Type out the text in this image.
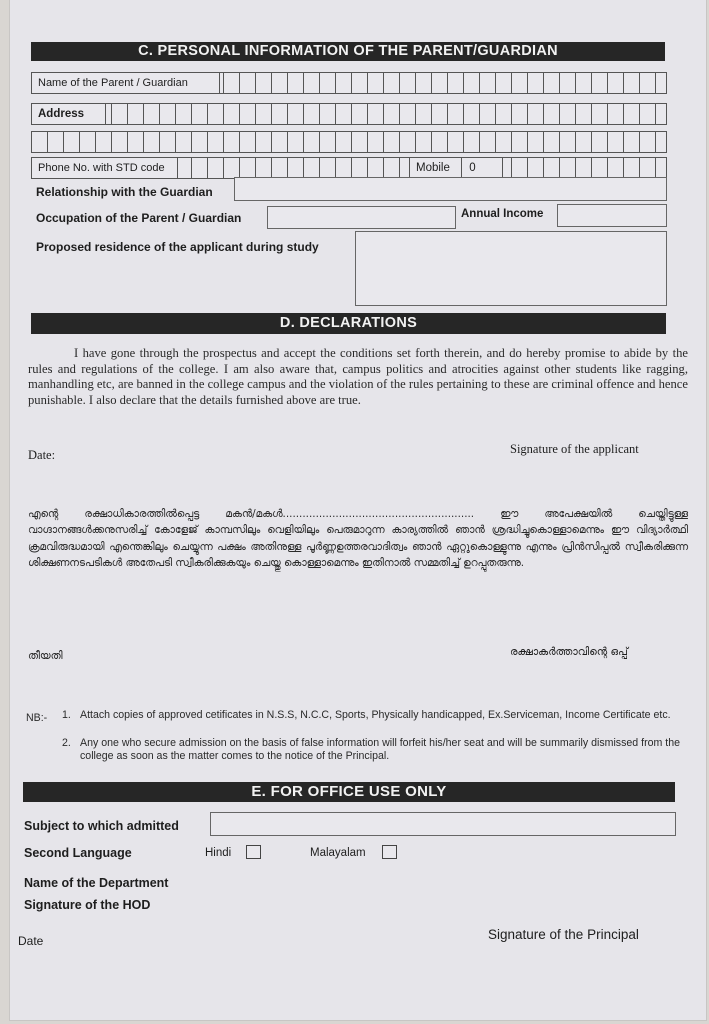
C. PERSONAL INFORMATION OF THE PARENT/GUARDIAN
Name of the Parent / Guardian
Address
Phone No. with STD code	Mobile 0
Relationship with the Guardian
Occupation of the Parent / Guardian	Annual Income
Proposed residence of the applicant during study
D. DECLARATIONS
I have gone through the prospectus and accept the conditions set forth therein, and do hereby promise to abide by the rules and regulations of the college. I am also aware that, campus politics and atrocities against other students like ragging, manhandling etc, are banned in the college campus and the violation of the rules pertaining to these are criminal offence and hence punishable. I also declare that the details furnished above are true.
Date:	Signature of the applicant
എന്റെ രക്ഷാധികാരത്തിൽപ്പെട്ട മകൻ/മകൾ.......................................................... ഈ അപേക്ഷയിൽ ചെയ്തിട്ടുള്ള വാഗ്ദാനങ്ങൾക്കനുസരിച്ച് കോളേജ് കാമ്പസിലും വെളിയിലും പെരുമാറുന്ന കാര്യത്തിൽ ഞാൻ ശ്രദ്ധിച്ചുകൊള്ളാമെന്നും ഈ വിദ്യാർത്ഥി ക്രമവിരുദ്ധമായി എന്തെങ്കിലും ചെയ്യുന്ന പക്ഷം അതിനുള്ള പൂർണ്ണഉത്തരവാദിത്വം ഞാൻ ഏറ്റുകൊള്ളുന്നു എന്നും പ്രിൻസിപ്പൽ സ്വീകരിക്കുന്ന ശിക്ഷണനടപടികൾ അതേപടി സ്വീകരിക്കുകയും ചെയ്തു കൊള്ളാമെന്നും ഇതിനാൽ സമ്മതിച്ച് ഉറപ്പുതരുന്നു.
തീയതി	രക്ഷാകർത്താവിന്റെ ഒപ്പ്
NB:- 1. Attach copies of approved cetificates in N.S.S, N.C.C, Sports, Physically handicapped, Ex.Serviceman, Income Certificate etc.
2. Any one who secure admission on the basis of false information will forfeit his/her seat and will be summarily dismissed from the college as soon as the matter comes to the notice of the Principal.
E. FOR OFFICE USE ONLY
Subject to which admitted
Second Language	Hindi	Malayalam
Name of the Department
Signature of the HOD
Date	Signature of the Principal
